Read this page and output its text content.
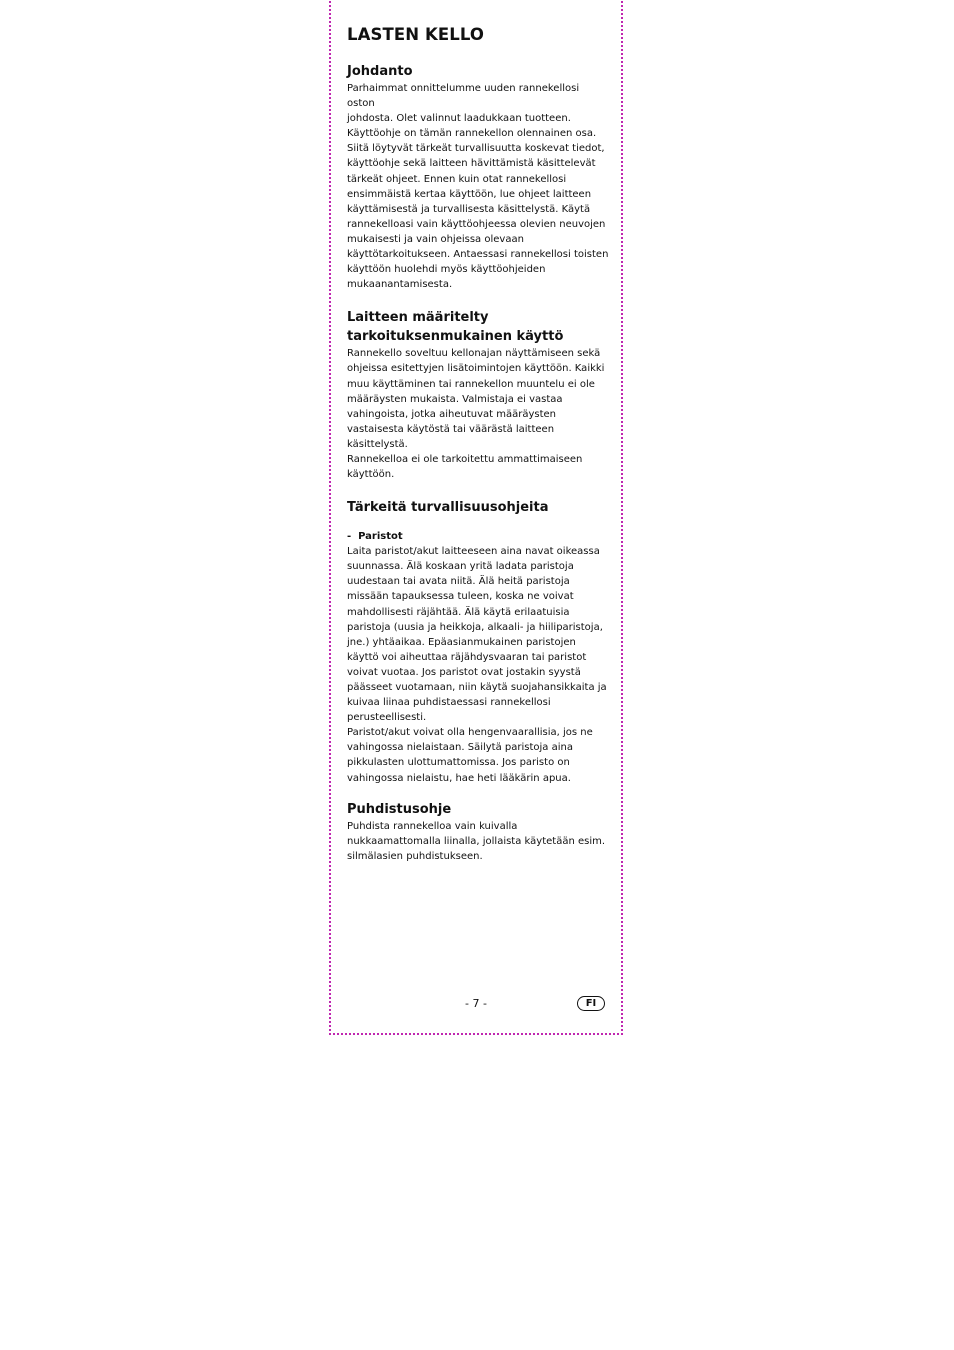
LASTEN KELLO
Johdanto

Parhaimmat onnittelumme uuden rannekellosi oston
johdosta. Olet valinnut laadukkaan tuotteen.
Käyttöohje on tämän rannekellon olennainen osa.
Siitä löytyvät tärkeät turvallisuutta koskevat tiedot,
käyttöohje sekä laitteen hävittämistä käsittelevät
tärkeät ohjeet. Ennen kuin otat rannekellosi
ensimmäistä kertaa käyttöön, lue ohjeet laitteen
käyttämisestä ja turvallisesta käsittelystä. Käytä
rannekelloasi vain käyttöohjeessa olevien neuvojen
mukaisesti ja vain ohjeissa olevaan
käyttötarkoitukseen. Antaessasi rannekellosi toisten
käyttöön huolehdi myös käyttöohjeiden
mukaanantamisesta.

Laitteen määritelty
tarkoituksenmukainen käyttö

Rannekello soveltuu kellonajan näyttämiseen sekä
ohjeissa esitettyjen lisätoimintojen käyttöön. Kaikki
muu käyttäminen tai rannekellon muuntelu ei ole
määräysten mukaista. Valmistaja ei vastaa
vahingoista, jotka aiheutuvat määräysten
vastaisesta käytöstä tai väärästä laitteen käsittelystä.
Rannekelloa ei ole tarkoitettu ammattimaiseen
käyttöön.

Tärkeitä turvallisuusohjeita
-  Paristot

Laita paristot/akut laitteeseen aina navat oikeassa
suunnassa. Älä koskaan yritä ladata paristoja
uudestaan tai avata niitä. Älä heitä paristoja
missään tapauksessa tuleen, koska ne voivat
mahdollisesti räjähtää. Älä käytä erilaatuisia
paristoja (uusia ja heikkoja, alkaali- ja hiiliparistoja,
jne.) yhtäaikaa. Epäasianmukainen paristojen
käyttö voi aiheuttaa räjähdysvaaran tai paristot
voivat vuotaa. Jos paristot ovat jostakin syystä
päässeet vuotamaan, niin käytä suojahansikkaita ja
kuivaa liinaa puhdistaessasi rannekellosi
perusteellisesti.
Paristot/akut voivat olla hengenvaarallisia, jos ne
vahingossa nielaistaan. Säilytä paristoja aina
pikkulasten ulottumattomissa. Jos paristo on
vahingossa nielaistu, hae heti lääkärin apua.

Puhdistusohje

Puhdista rannekelloa vain kuivalla
nukkaamattomalla liinalla, jollaista käytetään esim.
silmälasien puhdistukseen.

- 7 -	FI
